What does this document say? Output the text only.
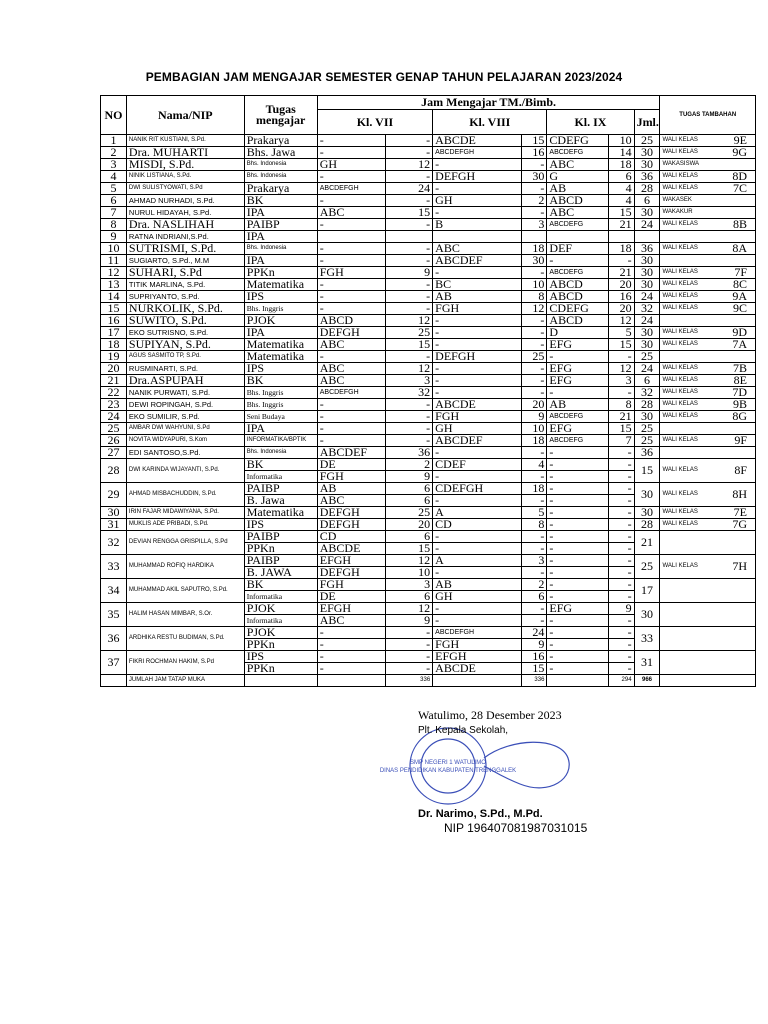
PEMBAGIAN JAM MENGAJAR SEMESTER GENAP TAHUN PELAJARAN 2023/2024
NO	Nama/NIP	Tugas mengajar	Jam Mengajar TM./Bimb.							TUGAS TAMBAHAN
			Kl. VII		Kl. VIII		Kl. IX		Jml.	
1	NANIK RIT KUSTIANI, S.Pd.	Prakarya	-	-	ABCDE	15	CDEFG	10	25	WALI KELAS 9E

2	Dra. MUHARTI	Bhs. Jawa	-	-	ABCDEFGH	16	ABCDEFG	14	30	WALI KELAS 9G

3	MISDI, S.Pd.	Bhs. Indonesia	GH	12	-	-	ABC	18	30	WAKASISWA

4	NINIK LISTIANA, S.Pd.	Bhs. Indonesia	-	-	DEFGH	30	G	6	36	WALI KELAS 8D

5	DWI SULISTYOWATI, S.Pd	Prakarya	ABCDEFGH	24	-	-	AB	4	28	WALI KELAS 7C

6	AHMAD NURHADI, S.Pd.	BK	-	-	GH	2	ABCD	4	6	WAKASEK

7	NURUL HIDAYAH, S.Pd.	IPA	ABC	15	-	-	ABC	15	30	WAKAKUR

8	Dra. NASLIHAH	PAIBP	-	-	B	3	ABCDEFG	21	24	WALI KELAS 8B

9	RATNA INDRIANI,S.Pd.	IPA								

10	SUTRISMI, S.Pd.	Bhs. Indonesia	-	-	ABC	18	DEF	18	36	WALI KELAS 8A

11	SUGIARTO, S.Pd., M.M	IPA	-	-	ABCDEF	30	-	-	30	

12	SUHARI, S.Pd	PPKn	FGH	9	-	-	ABCDEFG	21	30	WALI KELAS 7F

13	TITIK MARLINA, S.Pd.	Matematika	-	-	BC	10	ABCD	20	30	WALI KELAS 8C

14	SUPRIYANTO, S.Pd.	IPS	-	-	AB	8	ABCD	16	24	WALI KELAS 9A

15	NURKOLIK, S.Pd.	Bhs. Inggris	-	-	FGH	12	CDEFG	20	32	WALI KELAS 9C

16	SUWITO, S.Pd.	PJOK	ABCD	12	-	-	ABCD	12	24	

17	EKO SUTRISNO, S.Pd.	IPA	DEFGH	25	-	-	D	5	30	WALI KELAS 9D

18	SUPIYAN, S.Pd.	Matematika	ABC	15	-	-	EFG	15	30	WALI KELAS 7A

19	AGUS SASMITO TP, S.Pd.	Matematika	-	-	DEFGH	25	-	-	25	

20	RUSMINARTI, S.Pd.	IPS	ABC	12	-	-	EFG	12	24	WALI KELAS 7B

21	Dra.ASPUPAH	BK	ABC	3	-	-	EFG	3	6	WALI KELAS 8E

22	NANIK PURWATI, S.Pd.	Bhs. Inggris	ABCDEFGH	32	-	-	-	-	32	WALI KELAS 7D

23	DEWI ROPINGAH, S.Pd.	Bhs. Inggris	-	-	ABCDE	20	AB	8	28	WALI KELAS 9B

24	EKO SUMILIR, S.Pd.	Seni Budaya	-	-	FGH	9	ABCDEFG	21	30	WALI KELAS 8G

25	AMBAR DWI WAHYUNI, S.Pd	IPA	-	-	GH	10	EFG	15	25	

26	NOVITA WIDYAPURI, S.Kom	INFORMATIKA/BPTIK	-	-	ABCDEF	18	ABCDEFG	7	25	WALI KELAS 9F

27	EDI SANTOSO,S.Pd.	Bhs. Indonesia	ABCDEF	36	-	-	-	-	36	

28	DWI KARINDA WIJAYANTI, S.Pd.	BK	DE	2	CDEF	4	-	-	15	WALI KELAS 8F

		Informatika	FGH	9	-	-	-	-		
29	AHMAD MISBACHUDDIN, S.Pd.	PAIBP	AB	6	CDEFGH	18	-	-	30	WALI KELAS 8H

		B. Jawa	ABC	6	-	-	-	-		
30	IRIN FAJAR MIDAWIYANA, S.Pd.	Matematika	DEFGH	25	A	5	-	-	30	WALI KELAS 7E

31	MUKLIS ADE PRIBADI, S.Pd.	IPS	DEFGH	20	CD	8	-	-	28	WALI KELAS 7G

32	DEVIAN RENGGA GRISPILLA, S.Pd	PAIBP	CD	6	-	-	-	-	21	

		PPKn	ABCDE	15	-	-	-	-		
33	MUHAMMAD ROFIQ HARDIKA	PAIBP	EFGH	12	A	3	-	-	25	WALI KELAS 7H

		B. JAWA	DEFGH	10	-	-	-	-		
34	MUHAMMAD AKIL SAPUTRO, S.Pd.	BK	FGH	3	AB	2	-	-	17	

		Informatika	DE	6	GH	6	-	-		
35	HALIM HASAN MIMBAR, S.Or.	PJOK	EFGH	12	-	-	EFG	9	30	

		Informatika	ABC	9	-	-	-	-		
36	ARDHIKA RESTU BUDIMAN, S.Pd.	PJOK	-	-	ABCDEFGH	24	-	-	33	

		PPKn	-	-	FGH	9	-	-		
37	FIKRI ROCHMAN HAKIM, S.Pd	IPS	-	-	EFGH	16	-	-	31	

		PPKn	-	-	ABCDE	15	-	-		
	JUMLAH JAM TATAP MUKA			336		336		294	966	
SMP NEGERI 1 WATULIMO
DINAS PENDIDIKAN KABUPATEN TRENGGALEK
Watulimo, 28 Desember 2023
Plt. Kepala Sekolah,
Dr. Narimo, S.Pd., M.Pd.
NIP 196407081987031015
